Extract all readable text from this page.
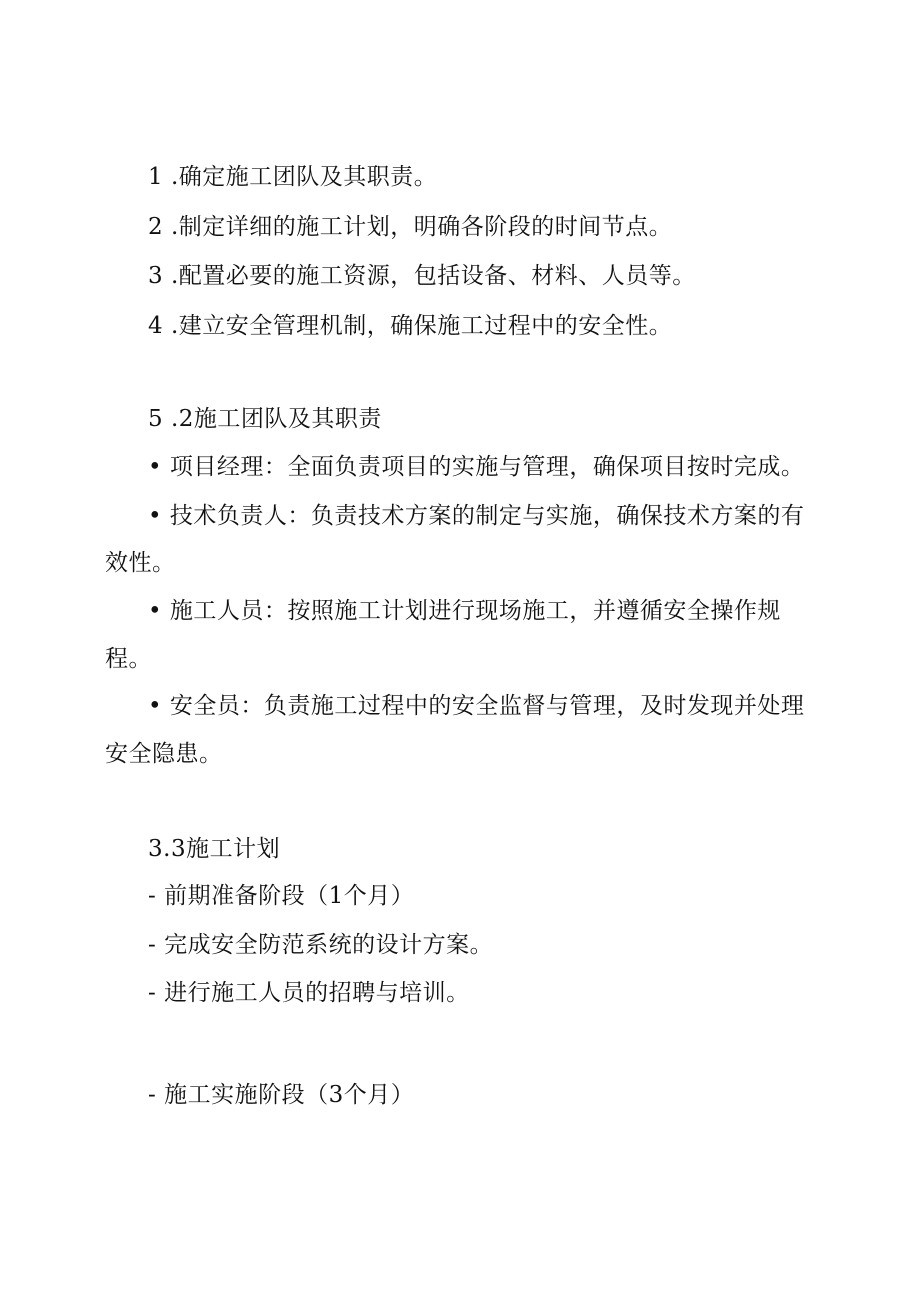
1 .确定施工团队及其职责。
2 .制定详细的施工计划，明确各阶段的时间节点。
3 .配置必要的施工资源，包括设备、材料、人员等。
4 .建立安全管理机制，确保施工过程中的安全性。
5 .2施工团队及其职责
• 项目经理：全面负责项目的实施与管理，确保项目按时完成。
• 技术负责人：负责技术方案的制定与实施，确保技术方案的有
效性。
• 施工人员：按照施工计划进行现场施工，并遵循安全操作规
程。
• 安全员：负责施工过程中的安全监督与管理，及时发现并处理
安全隐患。
3.3施工计划
- 前期准备阶段（1个月）
- 完成安全防范系统的设计方案。
- 进行施工人员的招聘与培训。
- 施工实施阶段（3个月）
